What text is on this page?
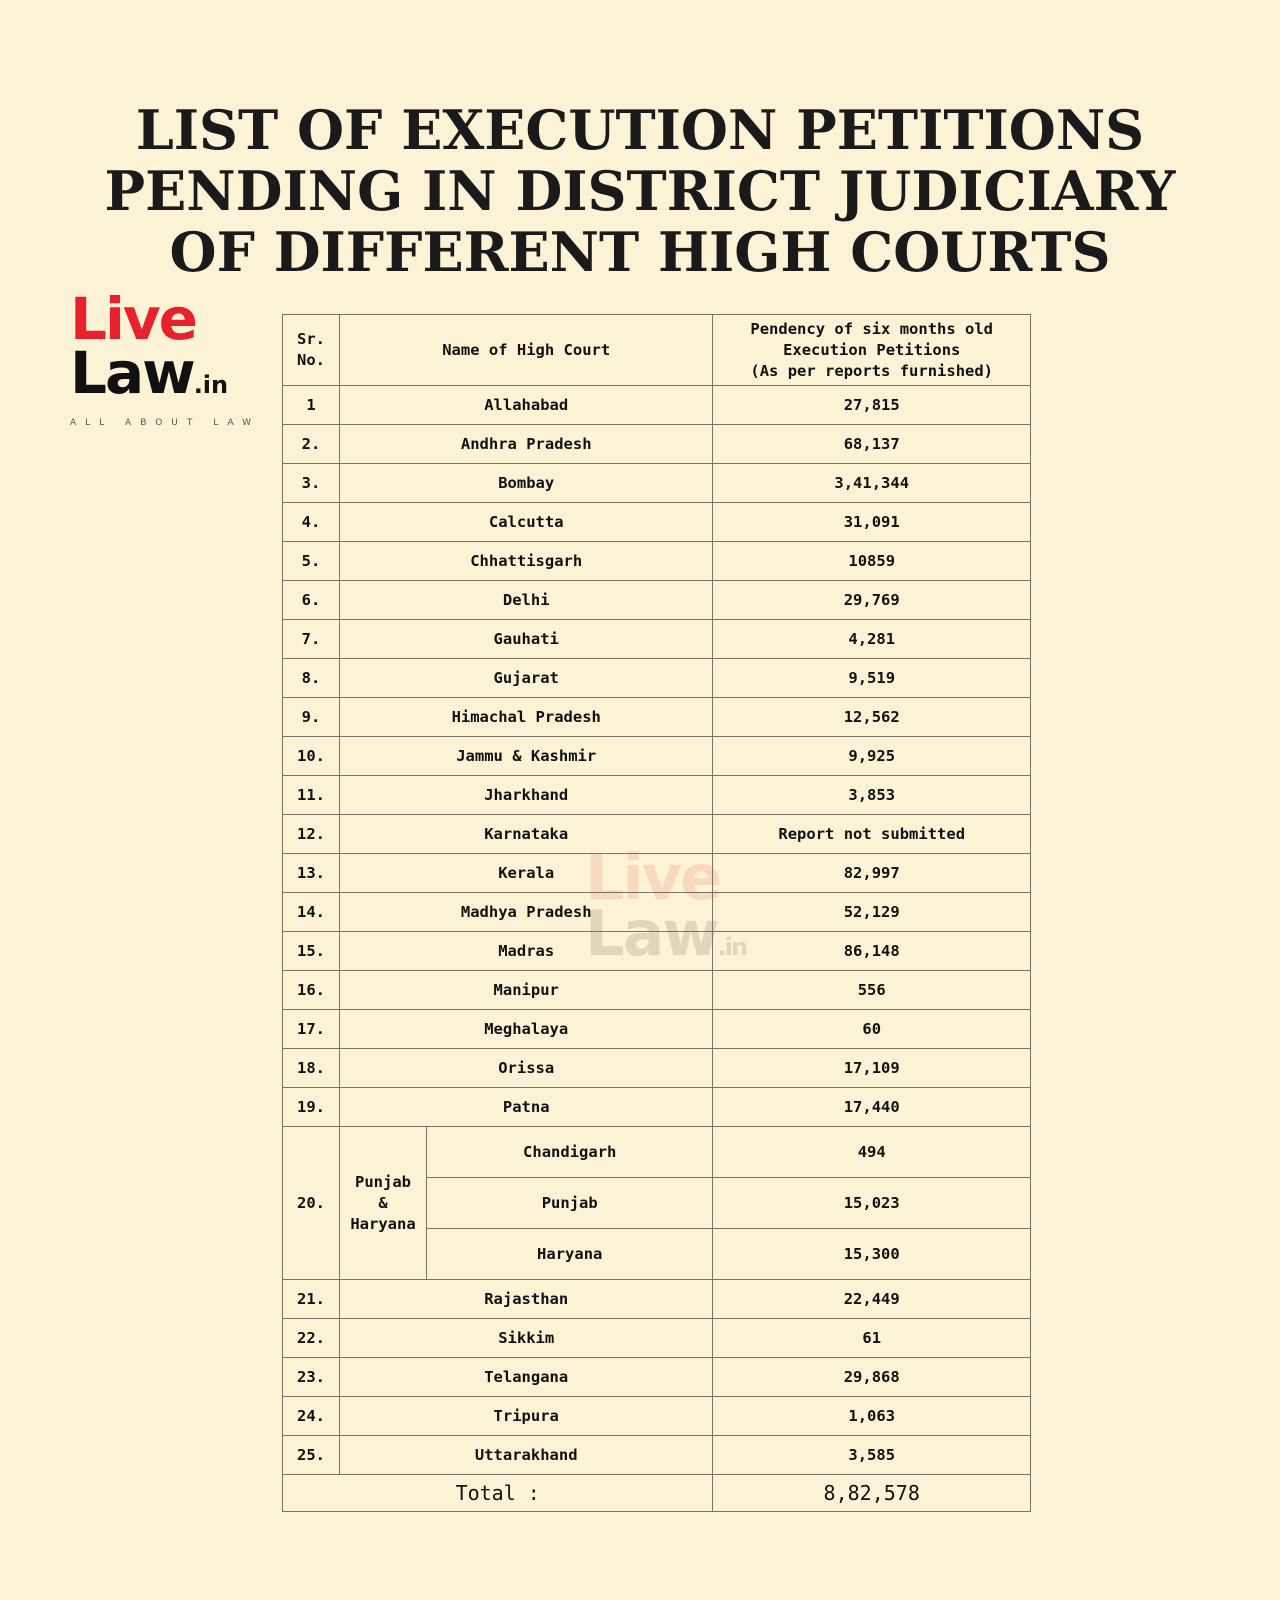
LIST OF EXECUTION PETITIONS
PENDING IN DISTRICT JUDICIARY
OF DIFFERENT HIGH COURTS
Live
Law.in
ALL ABOUT LAW
Live
Law.in
Sr. No.	Name of High Court		Pendency of six months old
Execution Petitions
(As per reports furnished)

1	Allahabad		27,815
2.	Andhra Pradesh		68,137
3.	Bombay		3,41,344
4.	Calcutta		31,091
5.	Chhattisgarh		10859
6.	Delhi		29,769
7.	Gauhati		4,281
8.	Gujarat		9,519
9.	Himachal Pradesh		12,562
10.	Jammu & Kashmir		9,925
11.	Jharkhand		3,853
12.	Karnataka		Report not submitted
13.	Kerala		82,997
14.	Madhya Pradesh		52,129
15.	Madras		86,148
16.	Manipur		556
17.	Meghalaya		60
18.	Orissa		17,109
19.	Patna		17,440
20.	Punjab
&
Haryana	Chandigarh	494
		Punjab	15,023
		Haryana	15,300
21.	Rajasthan		22,449
22.	Sikkim		61
23.	Telangana		29,868
24.	Tripura		1,063
25.	Uttarakhand		3,585
Total :			8,82,578
